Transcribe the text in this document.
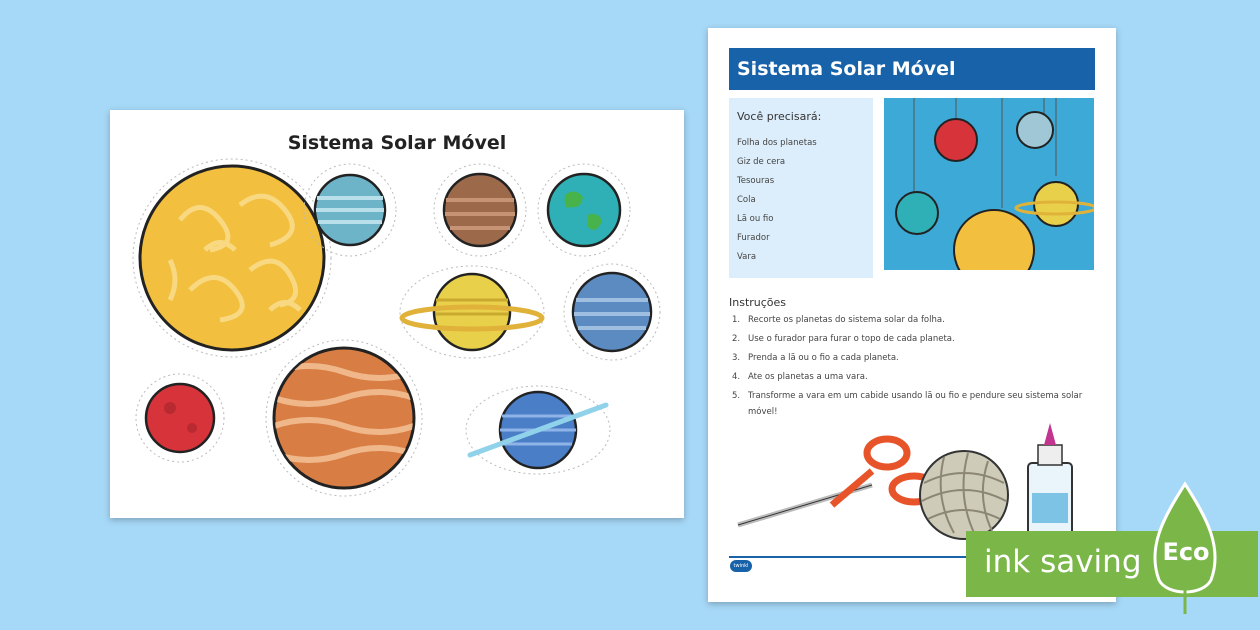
Sistema Solar Móvel
Sistema Solar Móvel
Você precisará:
Folha dos planetas
Giz de cera
Tesouras
Cola
Lã ou fio
Furador
Vara
Instruções
1. Recorte os planetas do sistema solar da folha.
2. Use o furador para furar o topo de cada planeta.
3. Prenda a lã ou o fio a cada planeta.
4. Ate os planetas a uma vara.
5. Transforme a vara em um cabide usando lã ou fio e pendure seu sistema solar móvel!
twinkl	ink saving Eco
